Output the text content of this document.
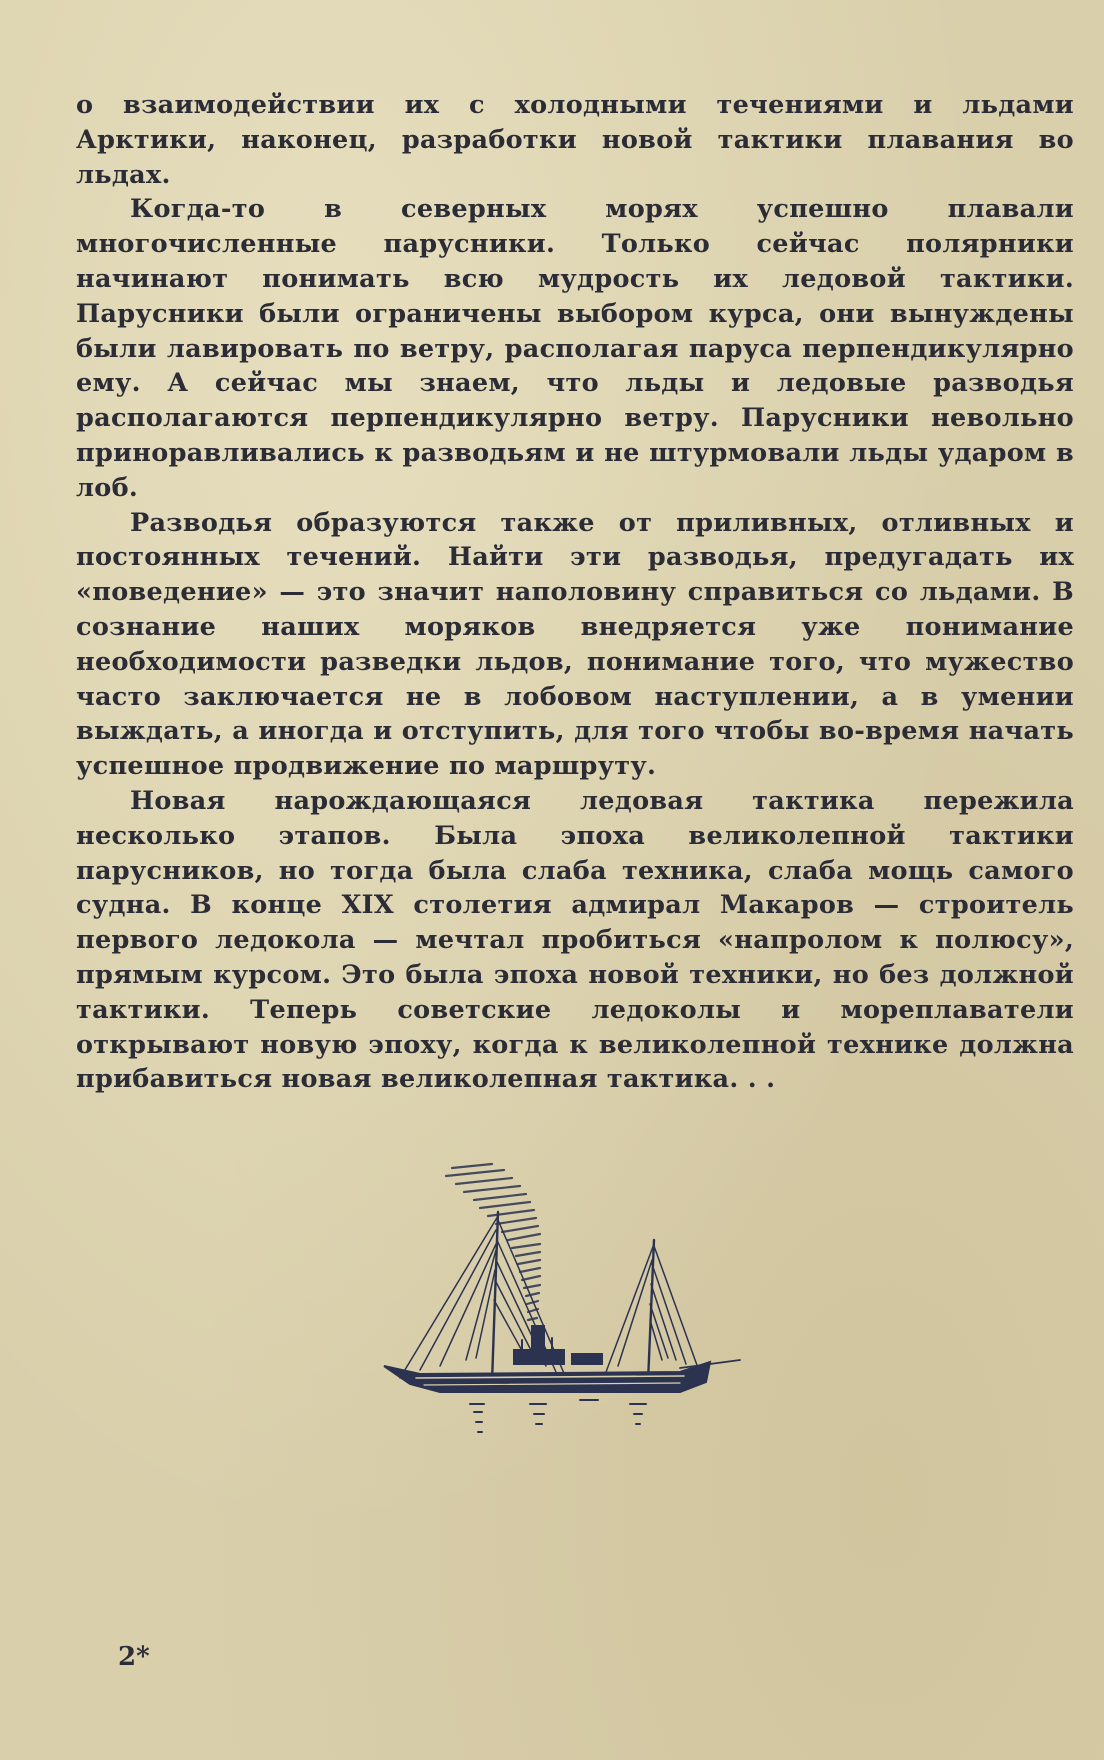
о взаимодействии их с холодными течениями и льдами Арктики, наконец, разработки новой тактики плавания во льдах.

Когда-то в северных морях успешно плавали многочисленные парусники. Только сейчас полярники начинают понимать всю мудрость их ледовой тактики. Парусники были ограничены выбором курса, они вынуждены были лавировать по ветру, располагая паруса перпендикулярно ему. А сейчас мы знаем, что льды и ледовые разводья располагаются перпендикулярно ветру. Парусники невольно приноравливались к разводьям и не штурмовали льды ударом в лоб.

Разводья образуются также от приливных, отливных и постоянных течений. Найти эти разводья, предугадать их «поведение» — это значит наполовину справиться со льдами. В сознание наших моряков внедряется уже понимание необходимости разведки льдов, понимание того, что мужество часто заключается не в лобовом наступлении, а в умении выждать, а иногда и отступить, для того чтобы во-время начать успешное продвижение по маршруту.

Новая нарождающаяся ледовая тактика пережила несколько этапов. Была эпоха великолепной тактики парусников, но тогда была слаба техника, слаба мощь самого судна. В конце XIX столетия адмирал Макаров — строитель первого ледокола — мечтал пробиться «напролом к полюсу», прямым курсом. Это была эпоха новой техники, но без должной тактики. Теперь советские ледоколы и мореплаватели открывают новую эпоху, когда к великолепной технике должна прибавиться новая великолепная тактика. . .

2*
